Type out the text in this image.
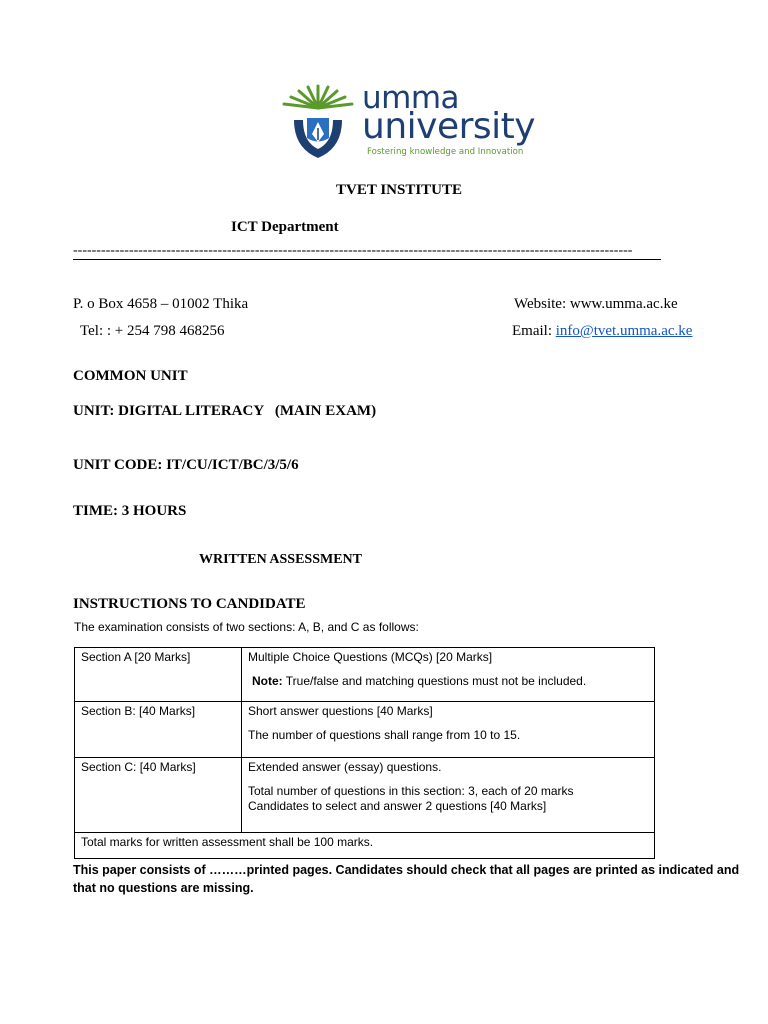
umma
university
Fostering knowledge and Innovation
TVET INSTITUTE
ICT Department
------------------------------------------------------------------------------------------------------------------------
P. o Box 4658 – 01002 Thika
Tel: : + 254 798 468256
Website: www.umma.ac.ke
Email: info@tvet.umma.ac.ke
COMMON UNIT
UNIT: DIGITAL LITERACY   (MAIN EXAM)
UNIT CODE: IT/CU/ICT/BC/3/5/6
TIME: 3 HOURS
WRITTEN ASSESSMENT
INSTRUCTIONS TO CANDIDATE
The examination consists of two sections: A, B, and C as follows:
Section A [20 Marks]	Multiple Choice Questions (MCQs) [20 Marks]

Note: True/false and matching questions must not be included.

Section B: [40 Marks]	Short answer questions [40 Marks]

The number of questions shall range from 10 to 15.

Section C: [40 Marks]	Extended answer (essay) questions.

Total number of questions in this section: 3, each of 20 marks

Candidates to select and answer 2 questions [40 Marks]

Total marks for written assessment shall be 100 marks.	
This paper consists of ………printed pages. Candidates should check that all pages are printed as indicated and that no questions are missing.
